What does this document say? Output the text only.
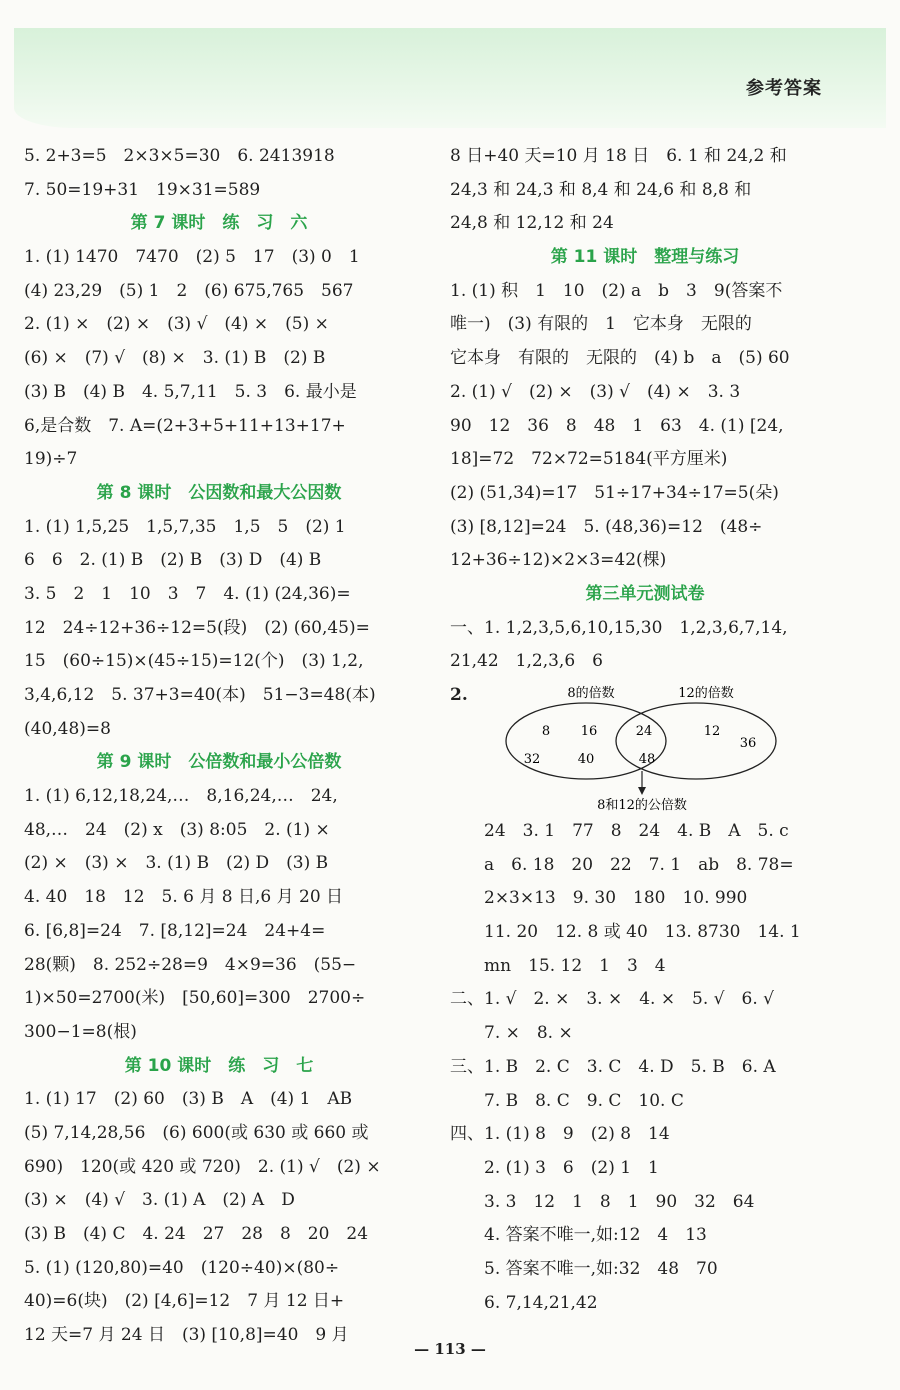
参考答案
5. 2+3=5　2×3×5=30　6. 2413918
7. 50=19+31　19×31=589
第 7 课时　练　习　六
1. (1) 1470　7470　(2) 5　17　(3) 0　1
(4) 23,29　(5) 1　2　(6) 675,765　567
2. (1) ×　(2) ×　(3) √　(4) ×　(5) ×
(6) ×　(7) √　(8) ×　3. (1) B　(2) B
(3) B　(4) B　4. 5,7,11　5. 3　6. 最小是
6,是合数　7. A=(2+3+5+11+13+17+
19)÷7
第 8 课时　公因数和最大公因数
1. (1) 1,5,25　1,5,7,35　1,5　5　(2) 1
6　6　2. (1) B　(2) B　(3) D　(4) B
3. 5　2　1　10　3　7　4. (1) (24,36)=
12　24÷12+36÷12=5(段)　(2) (60,45)=
15　(60÷15)×(45÷15)=12(个)　(3) 1,2,
3,4,6,12　5. 37+3=40(本)　51−3=48(本)
(40,48)=8
第 9 课时　公倍数和最小公倍数
1. (1) 6,12,18,24,…　8,16,24,…　24,
48,…　24　(2) x　(3) 8:05　2. (1) ×
(2) ×　(3) ×　3. (1) B　(2) D　(3) B
4. 40　18　12　5. 6 月 8 日,6 月 20 日
6. [6,8]=24　7. [8,12]=24　24+4=
28(颗)　8. 252÷28=9　4×9=36　(55−
1)×50=2700(米)　[50,60]=300　2700÷
300−1=8(根)
第 10 课时　练　习　七
1. (1) 17　(2) 60　(3) B　A　(4) 1　AB
(5) 7,14,28,56　(6) 600(或 630 或 660 或
690)　120(或 420 或 720)　2. (1) √　(2) ×
(3) ×　(4) √　3. (1) A　(2) A　D
(3) B　(4) C　4. 24　27　28　8　20　24
5. (1) (120,80)=40　(120÷40)×(80÷
40)=6(块)　(2) [4,6]=12　7 月 12 日+
12 天=7 月 24 日　(3) [10,8]=40　9 月
8 日+40 天=10 月 18 日　6. 1 和 24,2 和
24,3 和 24,3 和 8,4 和 24,6 和 8,8 和
24,8 和 12,12 和 24
第 11 课时　整理与练习
1. (1) 积　1　10　(2) a　b　3　9(答案不
唯一)　(3) 有限的　1　它本身　无限的
它本身　有限的　无限的　(4) b　a　(5) 60
2. (1) √　(2) ×　(3) √　(4) ×　3. 3
90　12　36　8　48　1　63　4. (1) [24,
18]=72　72×72=5184(平方厘米)
(2) (51,34)=17　51÷17+34÷17=5(朵)
(3) [8,12]=24　5. (48,36)=12　(48÷
12+36÷12)×2×3=42(棵)
第三单元测试卷
一、1. 1,2,3,5,6,10,15,30　1,2,3,6,7,14,
21,42　1,2,3,6　6
2.	8的倍数	12的倍数
8 16
32	40
24
48
12
36
8和12的公倍数
24　3. 1　77　8　24　4. B　A　5. c
a　6. 18　20　22　7. 1　ab　8. 78=
2×3×13　9. 30　180　10. 990
11. 20　12. 8 或 40　13. 8730　14. 1
mn　15. 12　1　3　4
二、1. √　2. ×　3. ×　4. ×　5. √　6. √
7. ×　8. ×
三、1. B　2. C　3. C　4. D　5. B　6. A
7. B　8. C　9. C　10. C
四、1. (1) 8　9　(2) 8　14
2. (1) 3　6　(2) 1　1
3. 3　12　1　8　1　90　32　64
4. 答案不唯一,如:12　4　13
5. 答案不唯一,如:32　48　70
6. 7,14,21,42
— 113 —
